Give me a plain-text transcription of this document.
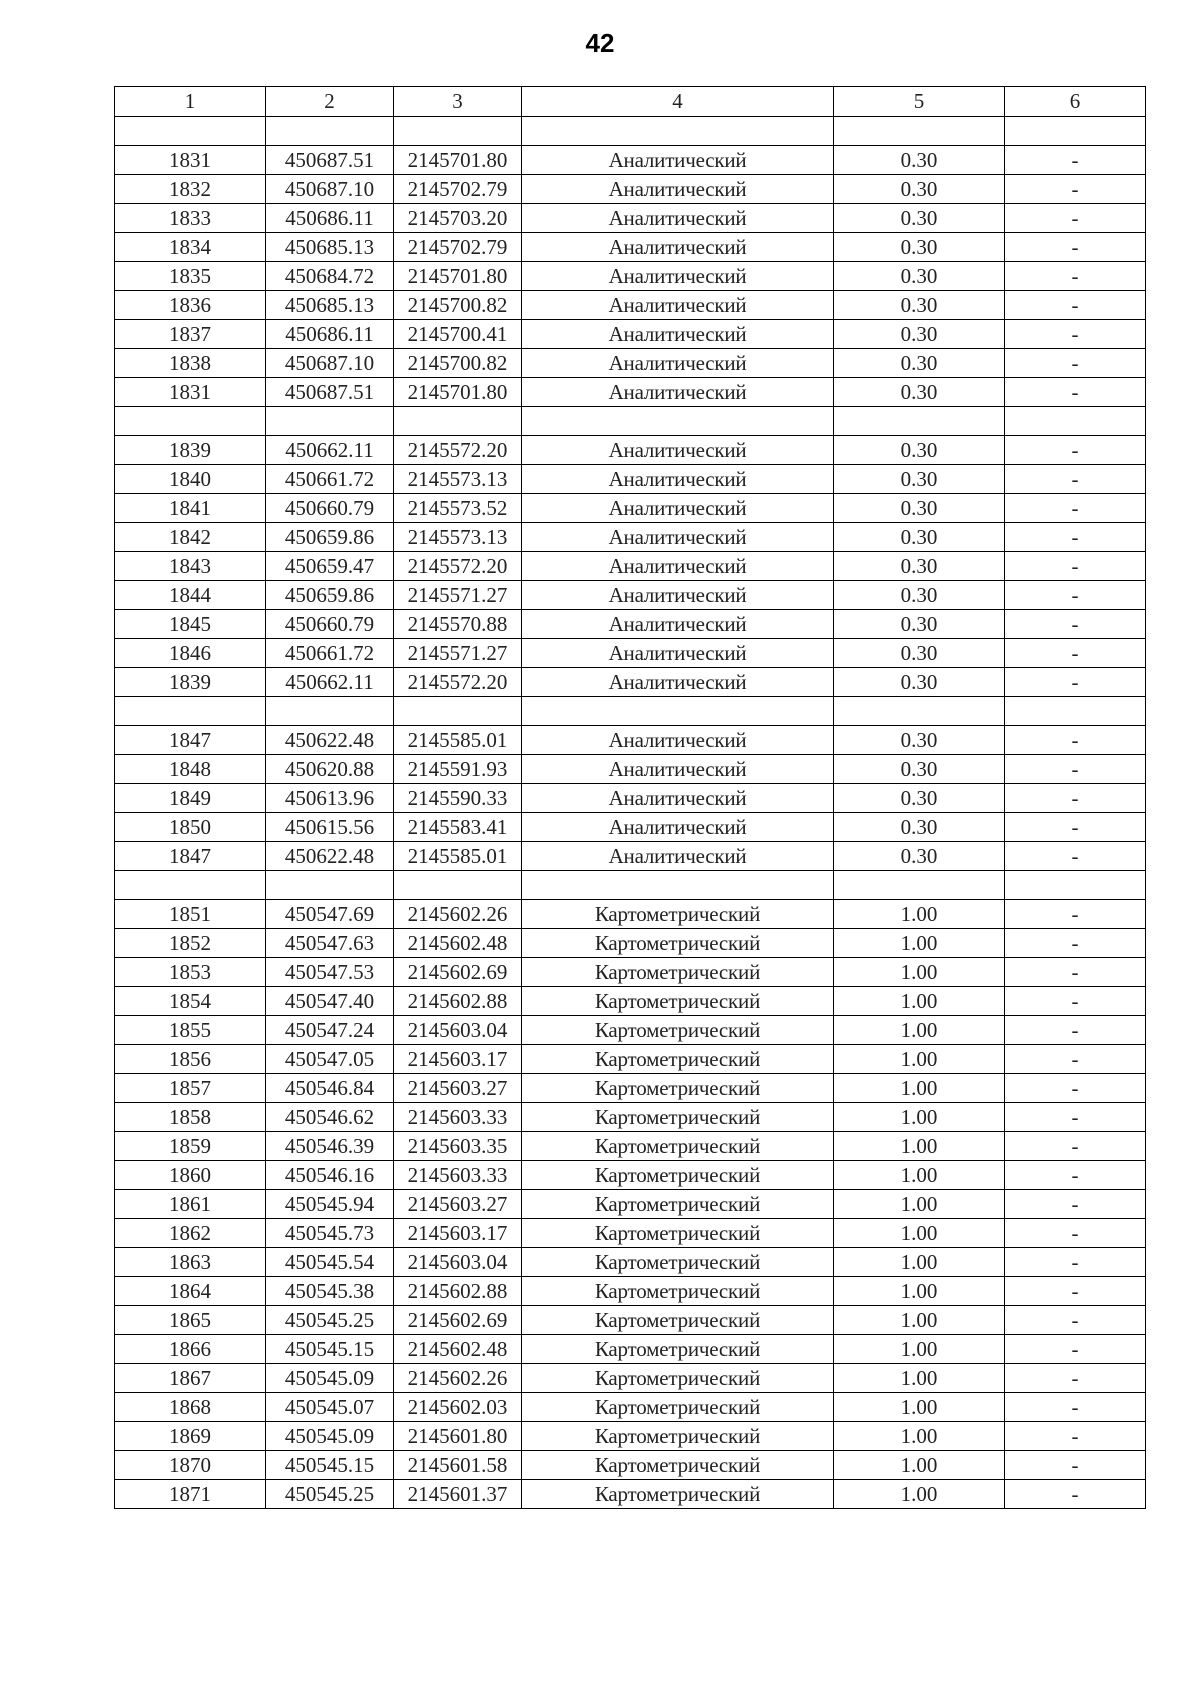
42
1	2	3	4	5	6

1831	450687.51	2145701.80	Аналитический	0.30	-
1832	450687.10	2145702.79	Аналитический	0.30	-
1833	450686.11	2145703.20	Аналитический	0.30	-
1834	450685.13	2145702.79	Аналитический	0.30	-
1835	450684.72	2145701.80	Аналитический	0.30	-
1836	450685.13	2145700.82	Аналитический	0.30	-
1837	450686.11	2145700.41	Аналитический	0.30	-
1838	450687.10	2145700.82	Аналитический	0.30	-
1831	450687.51	2145701.80	Аналитический	0.30	-

1839	450662.11	2145572.20	Аналитический	0.30	-
1840	450661.72	2145573.13	Аналитический	0.30	-
1841	450660.79	2145573.52	Аналитический	0.30	-
1842	450659.86	2145573.13	Аналитический	0.30	-
1843	450659.47	2145572.20	Аналитический	0.30	-
1844	450659.86	2145571.27	Аналитический	0.30	-
1845	450660.79	2145570.88	Аналитический	0.30	-
1846	450661.72	2145571.27	Аналитический	0.30	-
1839	450662.11	2145572.20	Аналитический	0.30	-

1847	450622.48	2145585.01	Аналитический	0.30	-
1848	450620.88	2145591.93	Аналитический	0.30	-
1849	450613.96	2145590.33	Аналитический	0.30	-
1850	450615.56	2145583.41	Аналитический	0.30	-
1847	450622.48	2145585.01	Аналитический	0.30	-

1851	450547.69	2145602.26	Картометрический	1.00	-
1852	450547.63	2145602.48	Картометрический	1.00	-
1853	450547.53	2145602.69	Картометрический	1.00	-
1854	450547.40	2145602.88	Картометрический	1.00	-
1855	450547.24	2145603.04	Картометрический	1.00	-
1856	450547.05	2145603.17	Картометрический	1.00	-
1857	450546.84	2145603.27	Картометрический	1.00	-
1858	450546.62	2145603.33	Картометрический	1.00	-
1859	450546.39	2145603.35	Картометрический	1.00	-
1860	450546.16	2145603.33	Картометрический	1.00	-
1861	450545.94	2145603.27	Картометрический	1.00	-
1862	450545.73	2145603.17	Картометрический	1.00	-
1863	450545.54	2145603.04	Картометрический	1.00	-
1864	450545.38	2145602.88	Картометрический	1.00	-
1865	450545.25	2145602.69	Картометрический	1.00	-
1866	450545.15	2145602.48	Картометрический	1.00	-
1867	450545.09	2145602.26	Картометрический	1.00	-
1868	450545.07	2145602.03	Картометрический	1.00	-
1869	450545.09	2145601.80	Картометрический	1.00	-
1870	450545.15	2145601.58	Картометрический	1.00	-
1871	450545.25	2145601.37	Картометрический	1.00	-
